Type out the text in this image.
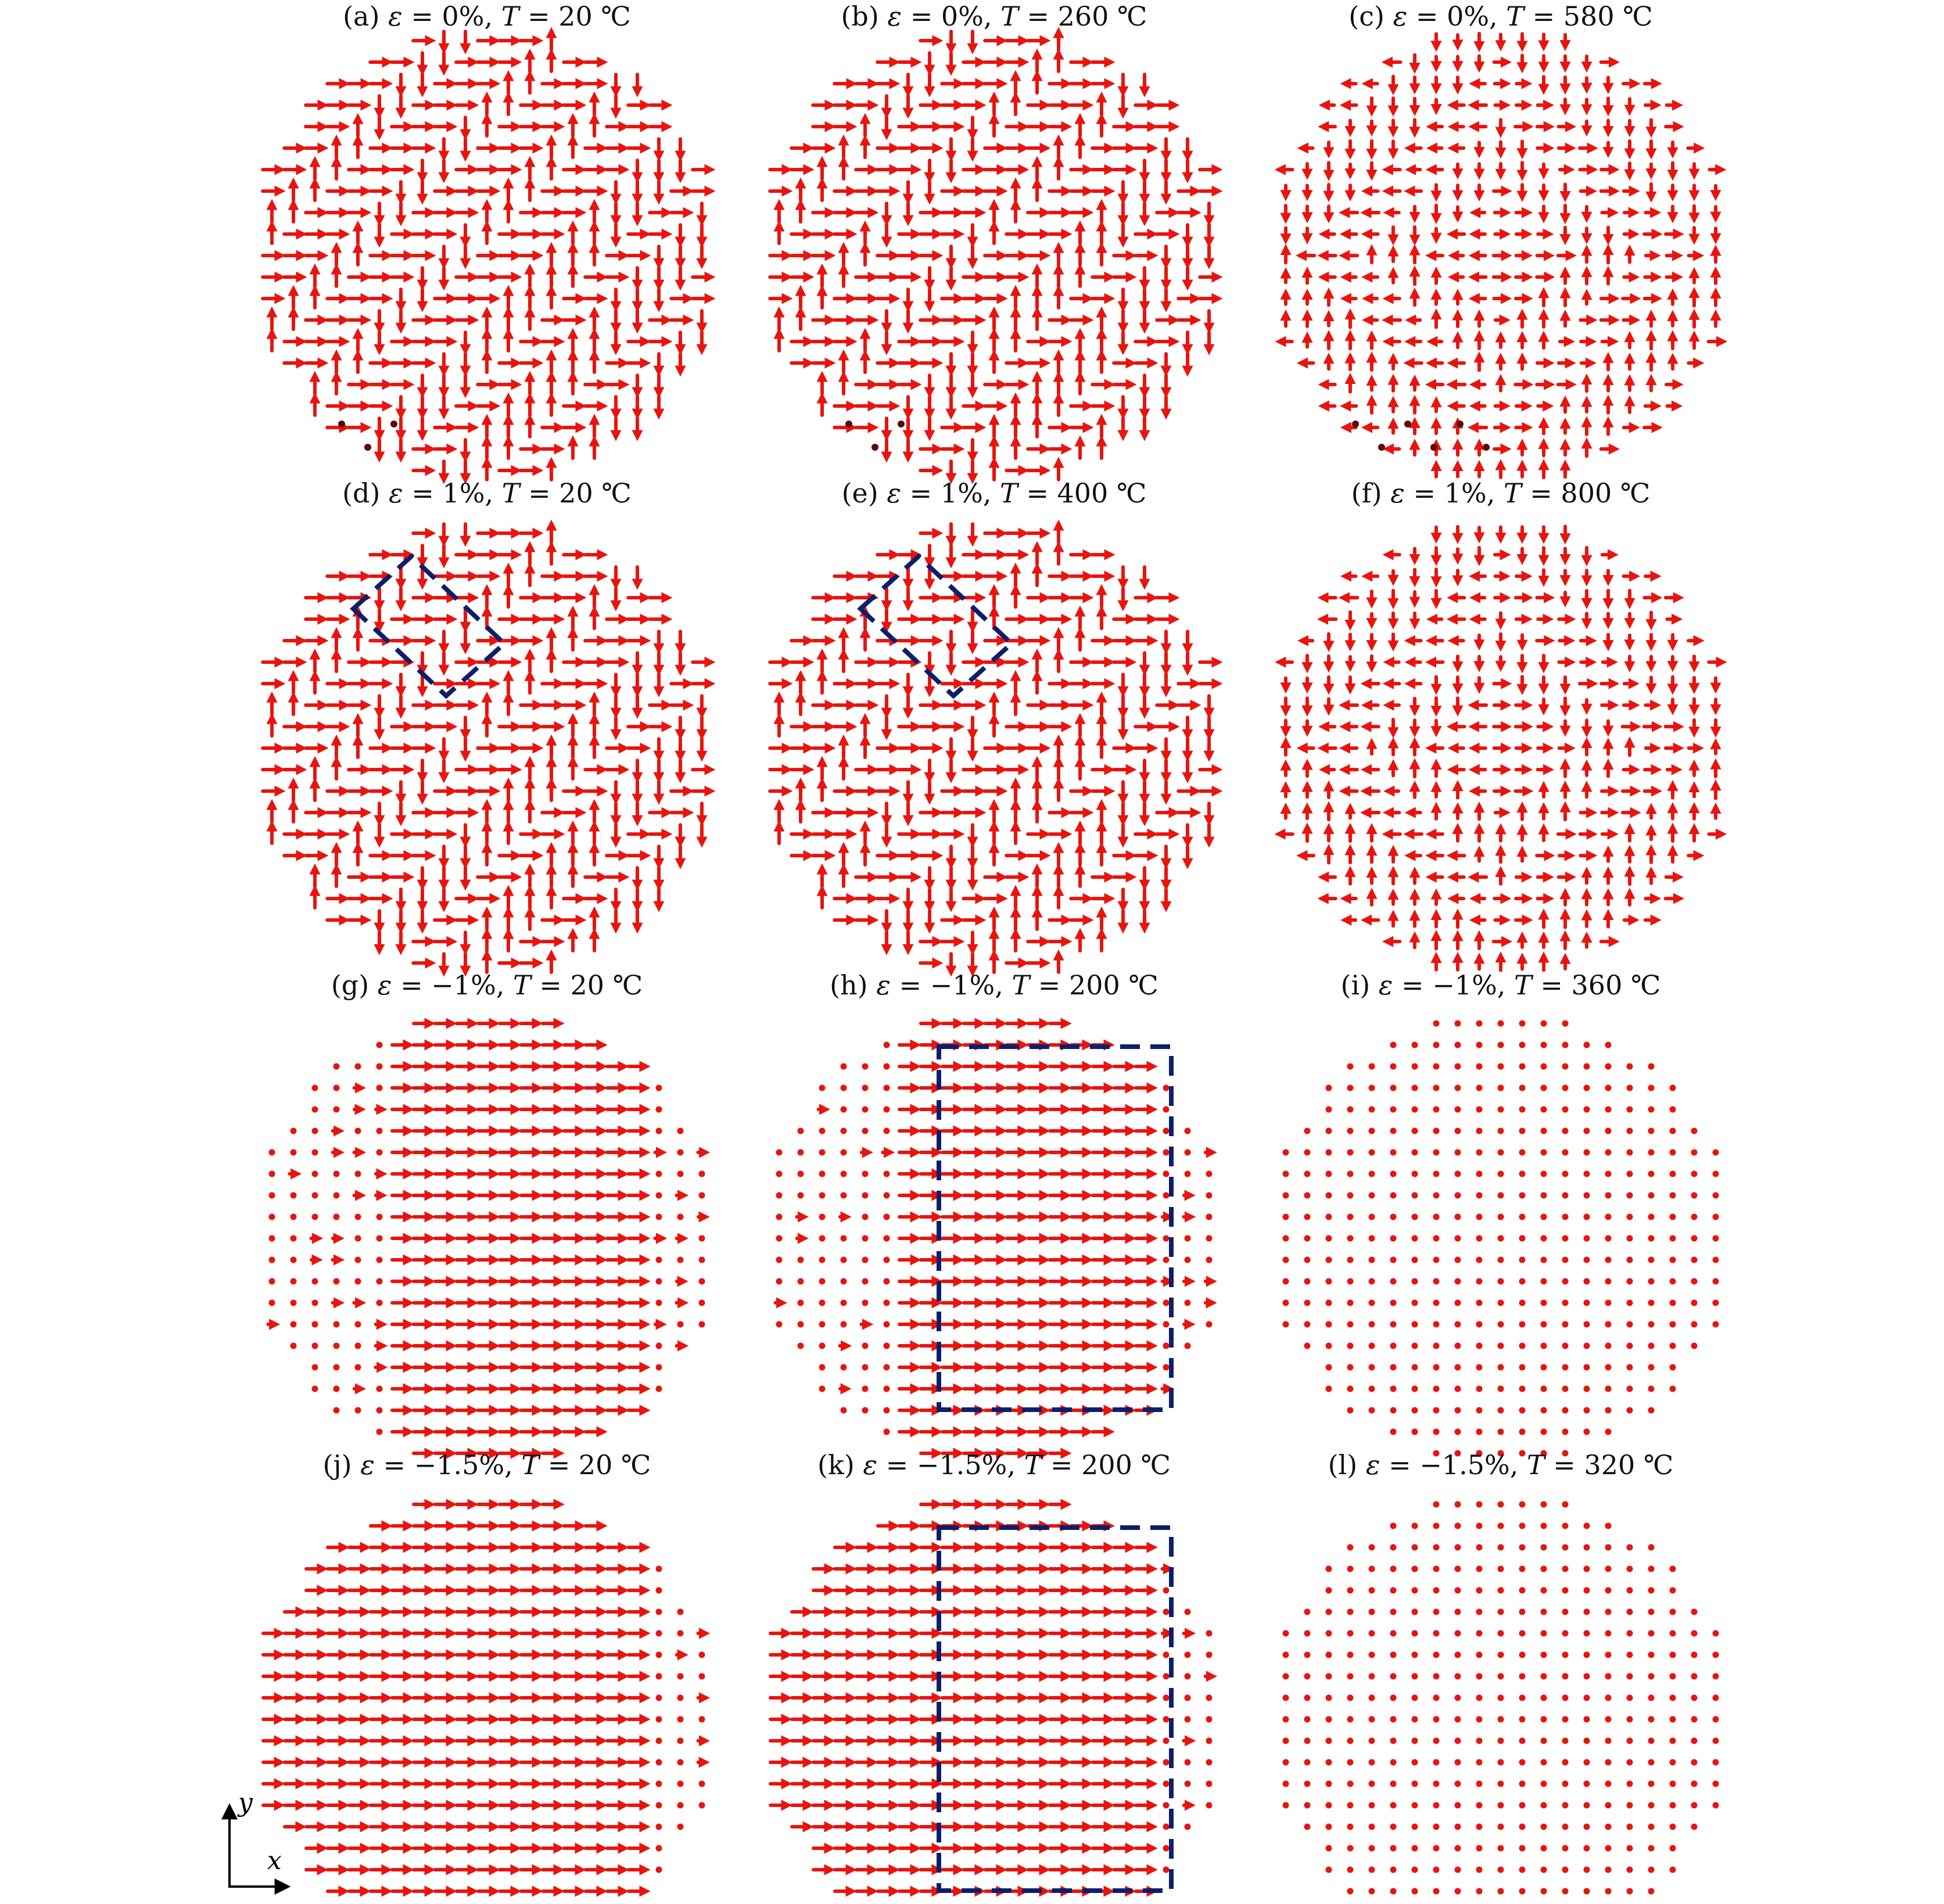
(a) ε = 0%, T = 20 ℃	(b) ε = 0%, T = 260 ℃	(c) ε = 0%, T = 580 ℃
(d) ε = 1%, T = 20 ℃	(e) ε = 1%, T = 400 ℃	(f) ε = 1%, T = 800 ℃
(g) ε = −1%, T = 20 ℃	(h) ε = −1%, T = 200 ℃	(i) ε = −1%, T = 360 ℃
(j) ε = −1.5%, T = 20 ℃	(k) ε = −1.5%, T = 200 ℃	(l) ε = −1.5%, T = 320 ℃
y
x
